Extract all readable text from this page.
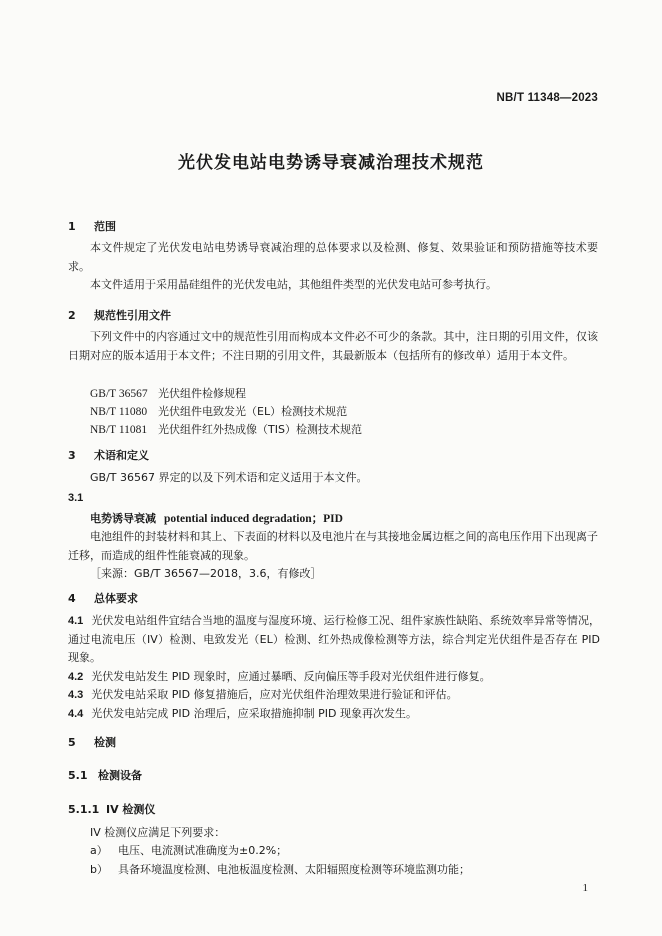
NB/T 11348—2023
光伏发电站电势诱导衰减治理技术规范
1 范围
本文件规定了光伏发电站电势诱导衰减治理的总体要求以及检测、修复、效果验证和预防措施等技术要求。
本文件适用于采用晶硅组件的光伏发电站，其他组件类型的光伏发电站可参考执行。
2 规范性引用文件
下列文件中的内容通过文中的规范性引用而构成本文件必不可少的条款。其中，注日期的引用文件，仅该日期对应的版本适用于本文件；不注日期的引用文件，其最新版本（包括所有的修改单）适用于本文件。
GB/T 36567 光伏组件检修规程
NB/T 11080 光伏组件电致发光（EL）检测技术规范
NB/T 11081 光伏组件红外热成像（TIS）检测技术规范
3 术语和定义
GB/T 36567 界定的以及下列术语和定义适用于本文件。
3.1
电势诱导衰减 potential induced degradation；PID
电池组件的封装材料和其上、下表面的材料以及电池片在与其接地金属边框之间的高电压作用下出现离子迁移，而造成的组件性能衰减的现象。
［来源：GB/T 36567—2018，3.6，有修改］
4 总体要求
4.1 光伏发电站组件宜结合当地的温度与湿度环境、运行检修工况、组件家族性缺陷、系统效率异常等情况，通过电流电压（IV）检测、电致发光（EL）检测、红外热成像检测等方法，综合判定光伏组件是否存在 PID 现象。
4.2 光伏发电站发生 PID 现象时，应通过暴晒、反向偏压等手段对光伏组件进行修复。
4.3 光伏发电站采取 PID 修复措施后，应对光伏组件治理效果进行验证和评估。
4.4 光伏发电站完成 PID 治理后，应采取措施抑制 PID 现象再次发生。
5 检测
5.1 检测设备
5.1.1 IV 检测仪
IV 检测仪应满足下列要求：
a） 电压、电流测试准确度为±0.2%；
b） 具备环境温度检测、电池板温度检测、太阳辐照度检测等环境监测功能；
1
